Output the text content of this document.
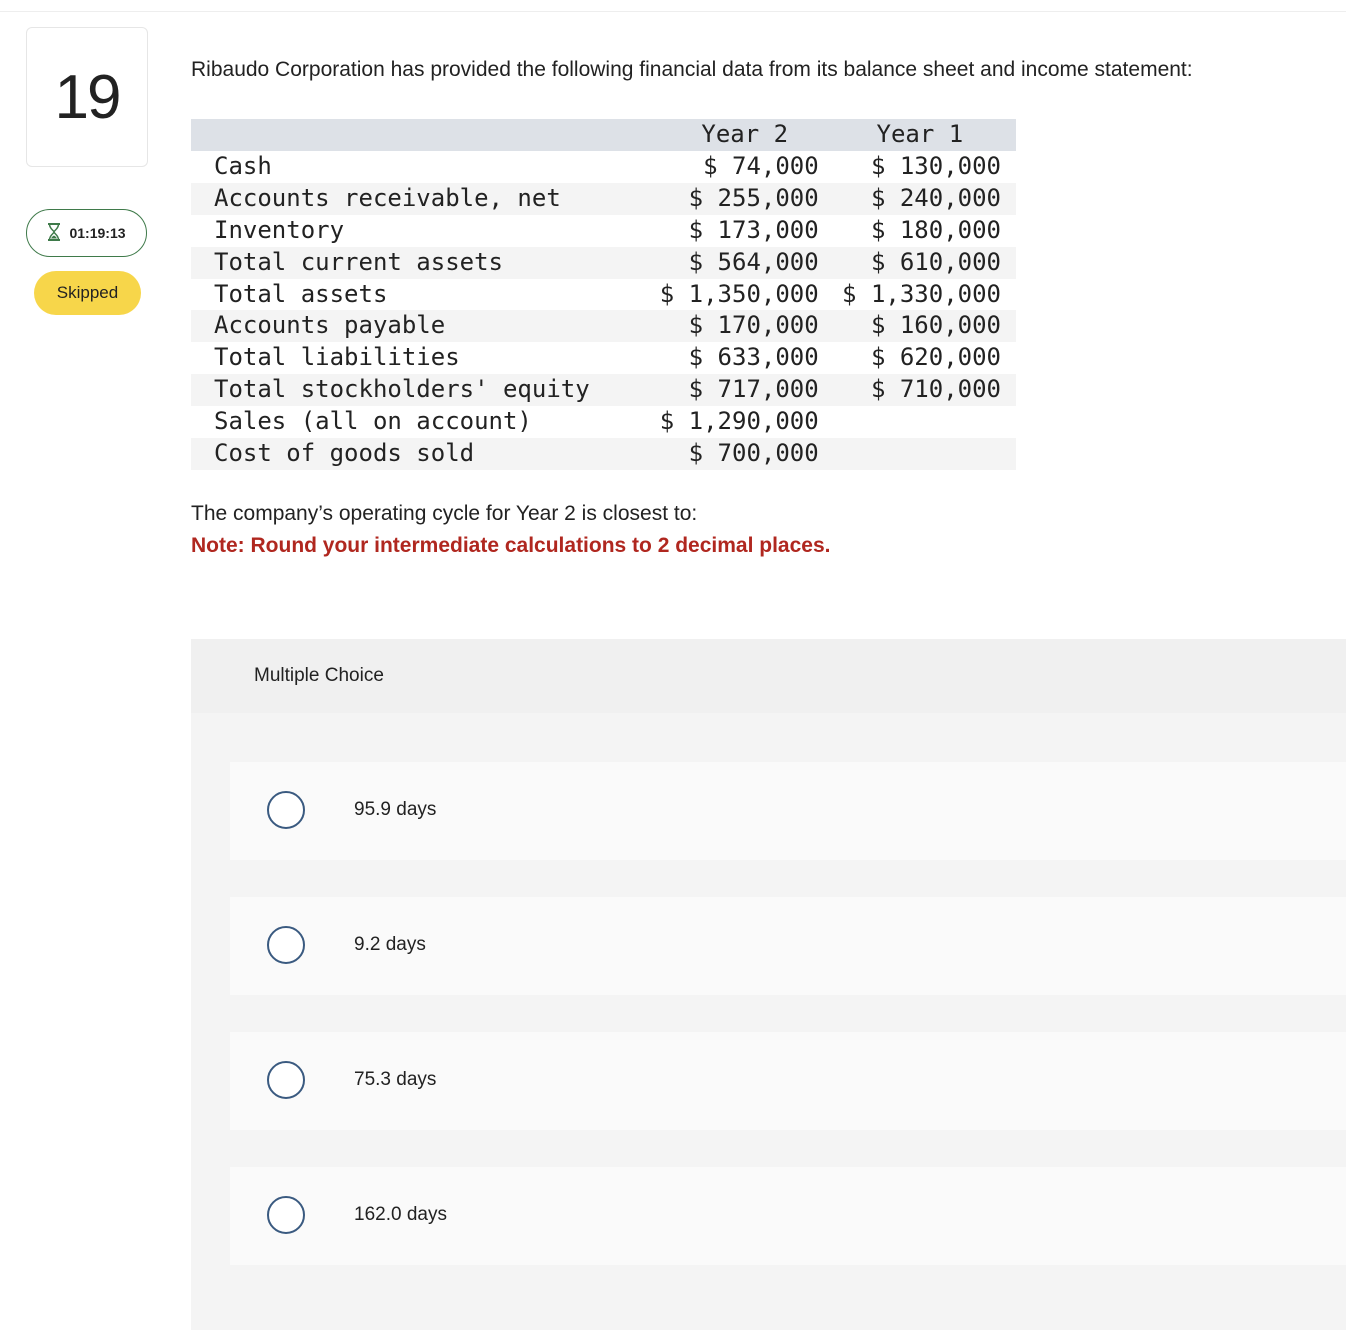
19
01:19:13
Skipped
Ribaudo Corporation has provided the following financial data from its balance sheet and income statement:
	Year 2	Year 1
Cash	$ 74,000	$ 130,000
Accounts receivable, net	$ 255,000	$ 240,000
Inventory	$ 173,000	$ 180,000
Total current assets	$ 564,000	$ 610,000
Total assets	$ 1,350,000	$ 1,330,000
Accounts payable	$ 170,000	$ 160,000
Total liabilities	$ 633,000	$ 620,000
Total stockholders' equity	$ 717,000	$ 710,000
Sales (all on account)	$ 1,290,000	
Cost of goods sold	$ 700,000	
The company’s operating cycle for Year 2 is closest to:
Note: Round your intermediate calculations to 2 decimal places.
Multiple Choice
95.9 days
9.2 days
75.3 days
162.0 days
